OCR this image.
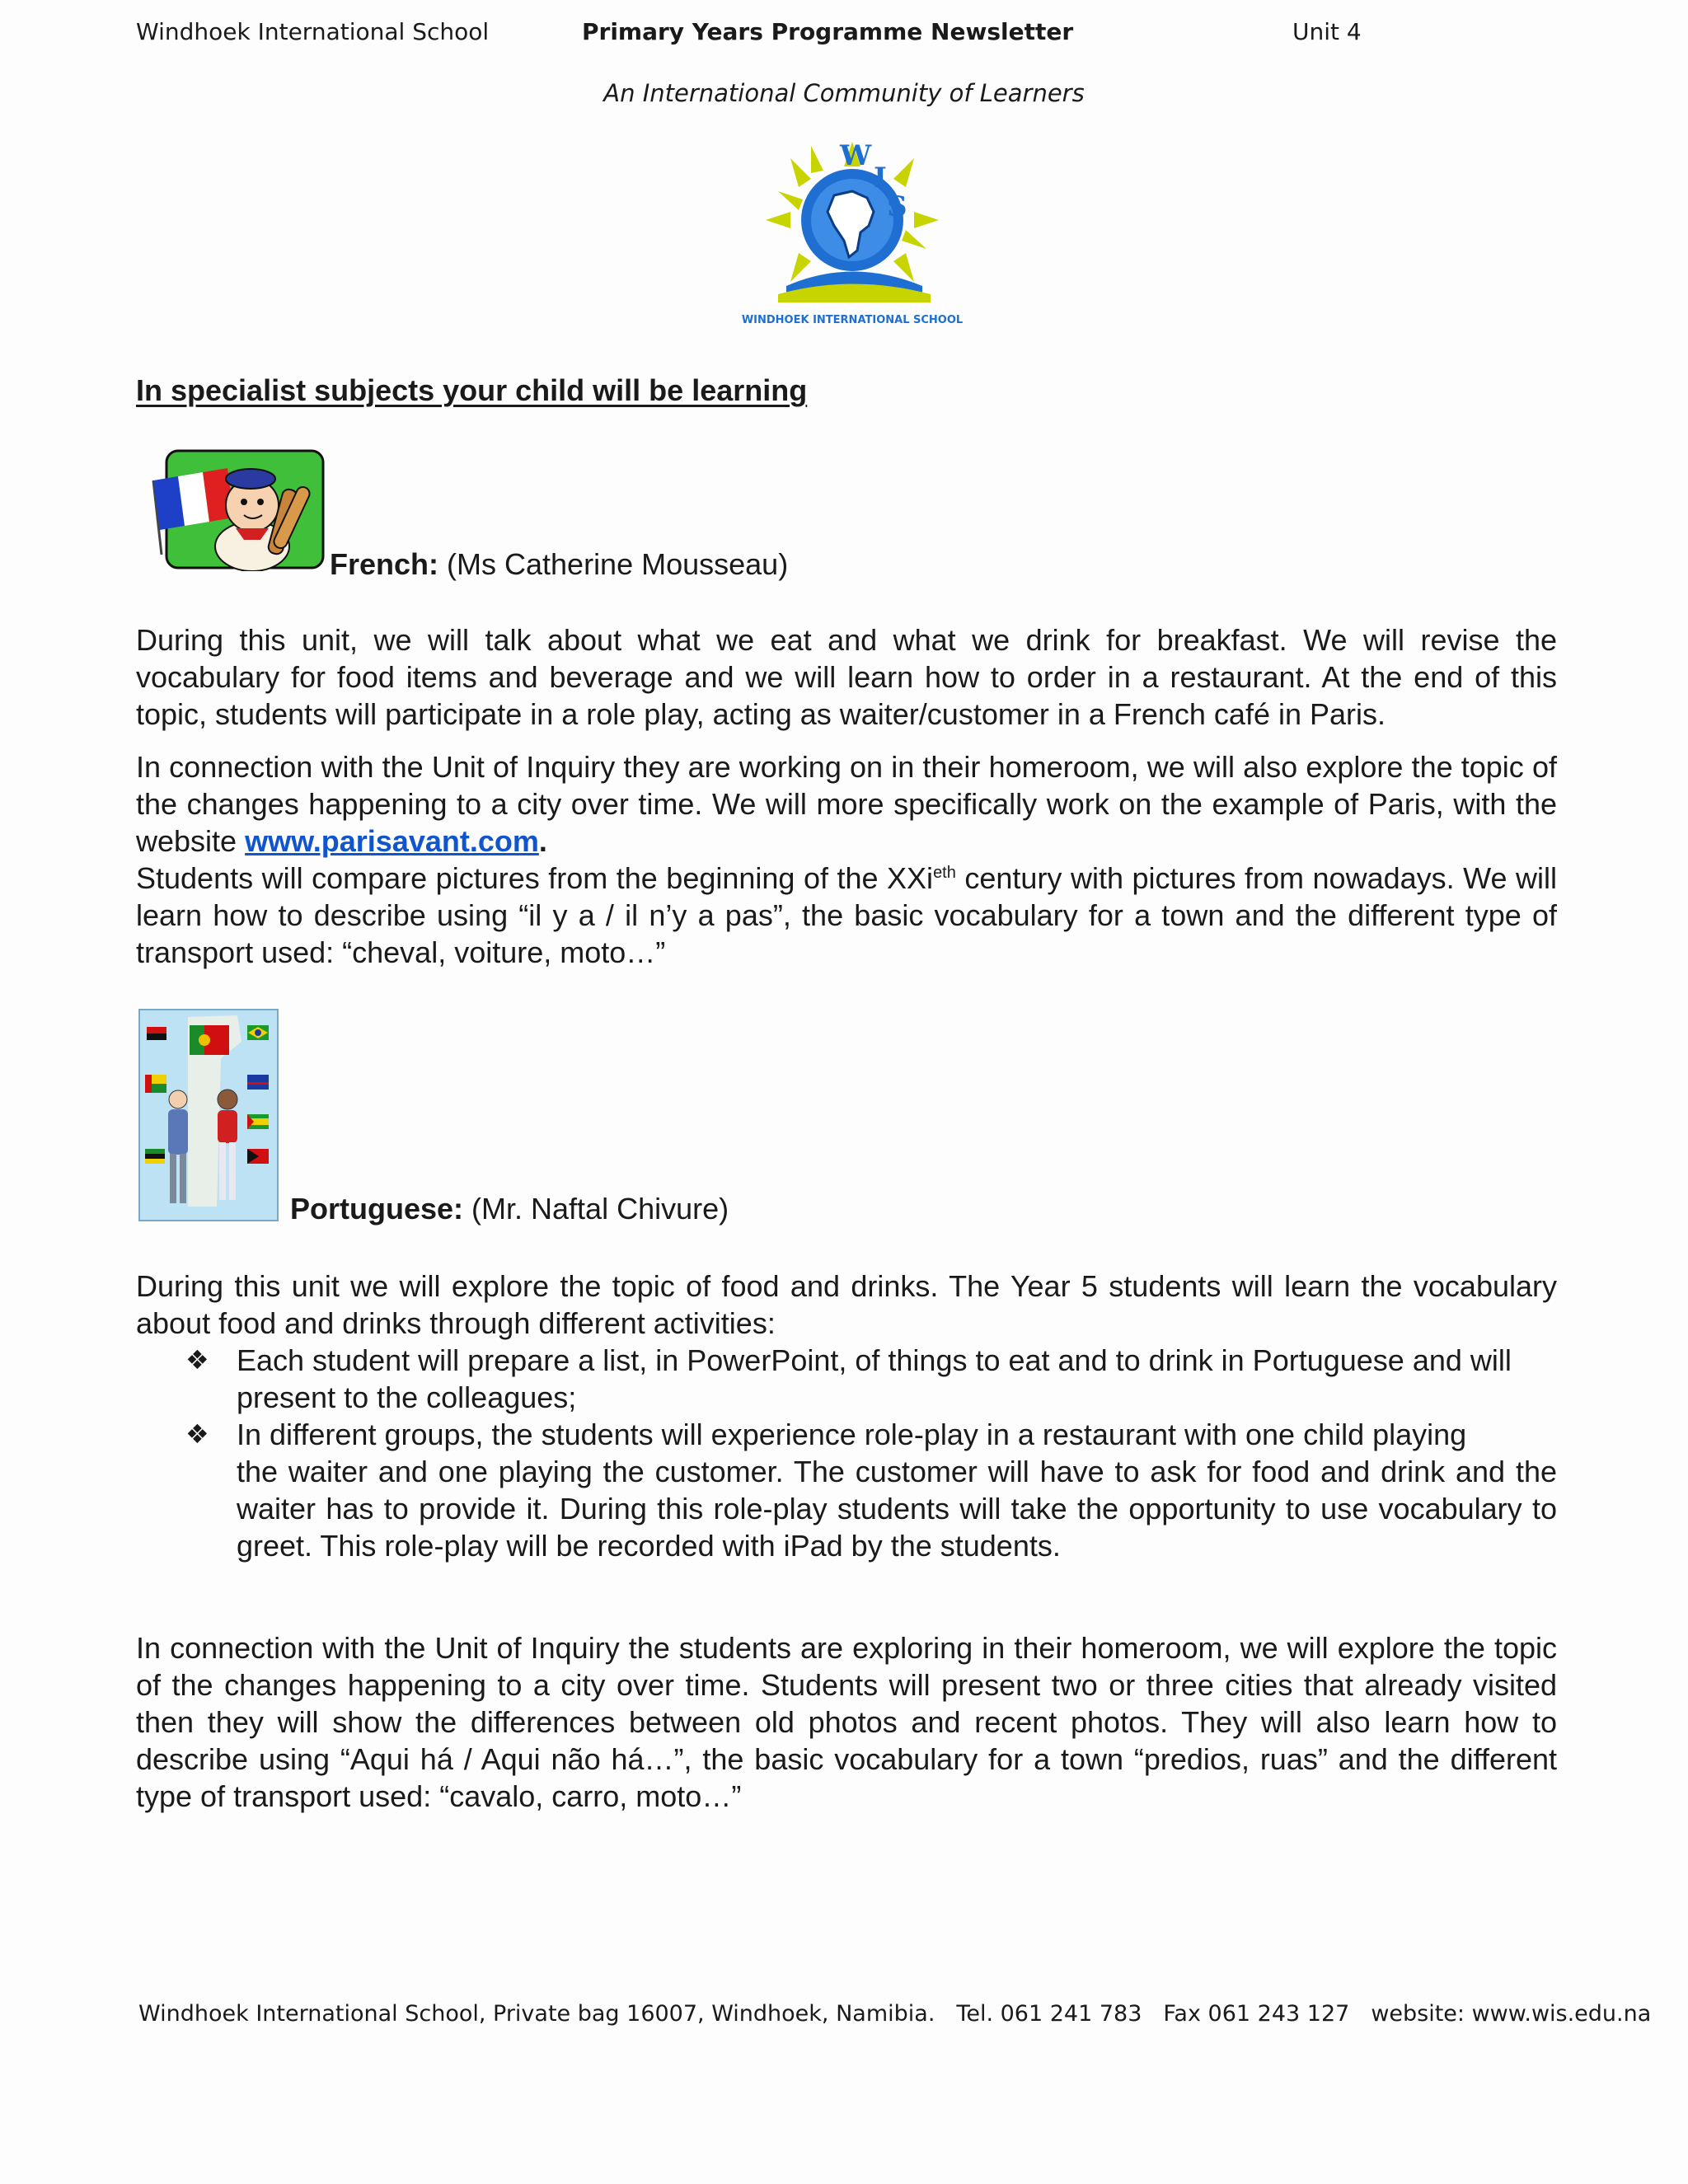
Windhoek International School	Primary Years Programme Newsletter	Unit 4
An International Community of Learners
W
I
S
WINDHOEK INTERNATIONAL SCHOOL
In specialist subjects your child will be learning
French: (Ms Catherine Mousseau)

During this unit, we will talk about what we eat and what we drink for breakfast. We will revise the vocabulary for food items and beverage and we will learn how to order in a restaurant. At the end of this topic, students will participate in a role play, acting as waiter/customer in a French café in Paris.

In connection with the Unit of Inquiry they are working on in their homeroom, we will also explore the topic of the changes happening to a city over time. We will more specifically work on the example of Paris, with the website www.parisavant.com.

Students will compare pictures from the beginning of the XXi$^{eth}$ century with pictures from nowadays. We will learn how to describe using “il y a / il n’y a pas”, the basic vocabulary for a town and the different type of transport used: “cheval, voiture, moto…”

Portuguese: (Mr. Naftal Chivure)

During this unit we will explore the topic of food and drinks. The Year 5 students will learn the vocabulary about food and drinks through different activities:

❖ Each student will prepare a list, in PowerPoint, of things to eat and to drink in Portuguese and will
present to the colleagues;
❖ In different groups, the students will experience role-play in a restaurant with one child playing
the waiter and one playing the customer. The customer will have to ask for food and drink and the waiter has to provide it. During this role-play students will take the opportunity to use vocabulary to greet. This role-play will be recorded with iPad by the students.

In connection with the Unit of Inquiry the students are exploring in their homeroom, we will explore the topic of the changes happening to a city over time. Students will present two or three cities that already visited then they will show the differences between old photos and recent photos. They will also learn how to describe using “Aqui há / Aqui não há…”, the basic vocabulary for a town “predios, ruas” and the different type of transport used: “cavalo, carro, moto…”

Windhoek International School, Private bag 16007, Windhoek, Namibia. Tel. 061 241 783 Fax 061 243 127 website: www.wis.edu.na
